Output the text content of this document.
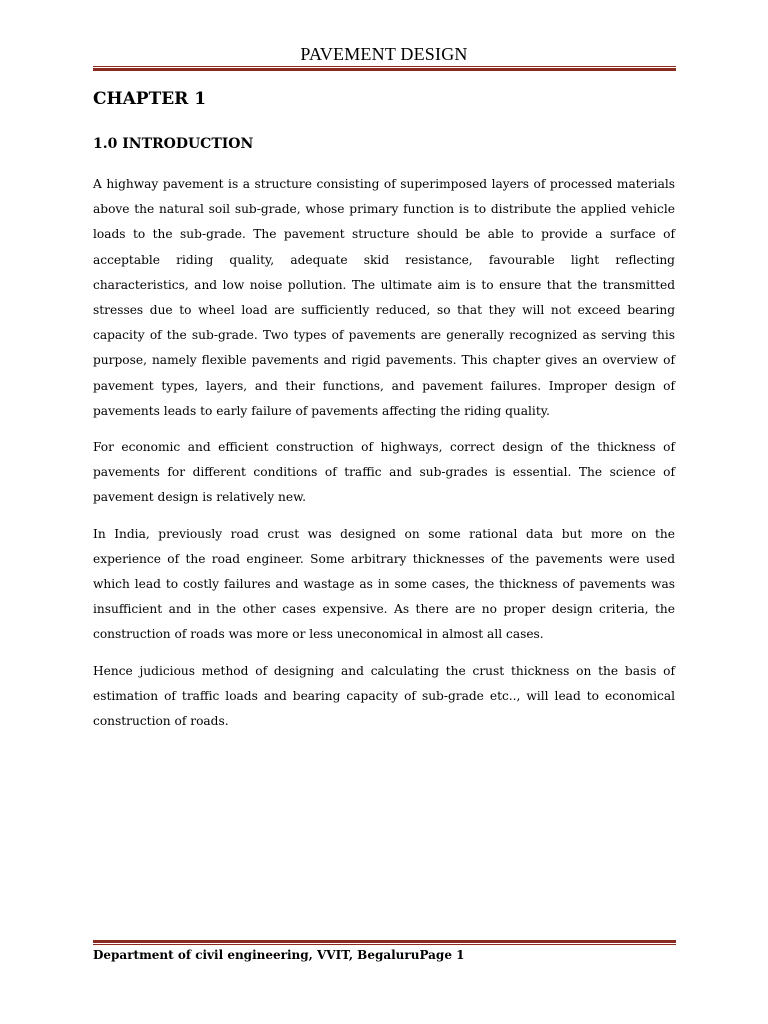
PAVEMENT DESIGN
CHAPTER 1
1.0 INTRODUCTION

A highway pavement is a structure consisting of superimposed layers of processed materials above the natural soil sub-grade, whose primary function is to distribute the applied vehicle loads to the sub-grade. The pavement structure should be able to provide a surface of acceptable riding quality, adequate skid resistance, favourable light reflecting characteristics, and low noise pollution. The ultimate aim is to ensure that the transmitted stresses due to wheel load are sufficiently reduced, so that they will not exceed bearing capacity of the sub-grade. Two types of pavements are generally recognized as serving this purpose, namely flexible pavements and rigid pavements. This chapter gives an overview of pavement types, layers, and their functions, and pavement failures. Improper design of pavements leads to early failure of pavements affecting the riding quality.

For economic and efficient construction of highways, correct design of the thickness of pavements for different conditions of traffic and sub-grades is essential. The science of pavement design is relatively new.

In India, previously road crust was designed on some rational data but more on the experience of the road engineer. Some arbitrary thicknesses of the pavements were used which lead to costly failures and wastage as in some cases, the thickness of pavements was insufficient and in the other cases expensive. As there are no proper design criteria, the construction of roads was more or less uneconomical in almost all cases.

Hence judicious method of designing and calculating the crust thickness on the basis of estimation of traffic loads and bearing capacity of sub-grade etc.., will lead to economical construction of roads.

Department of civil engineering, VVIT, BegaluruPage 1
